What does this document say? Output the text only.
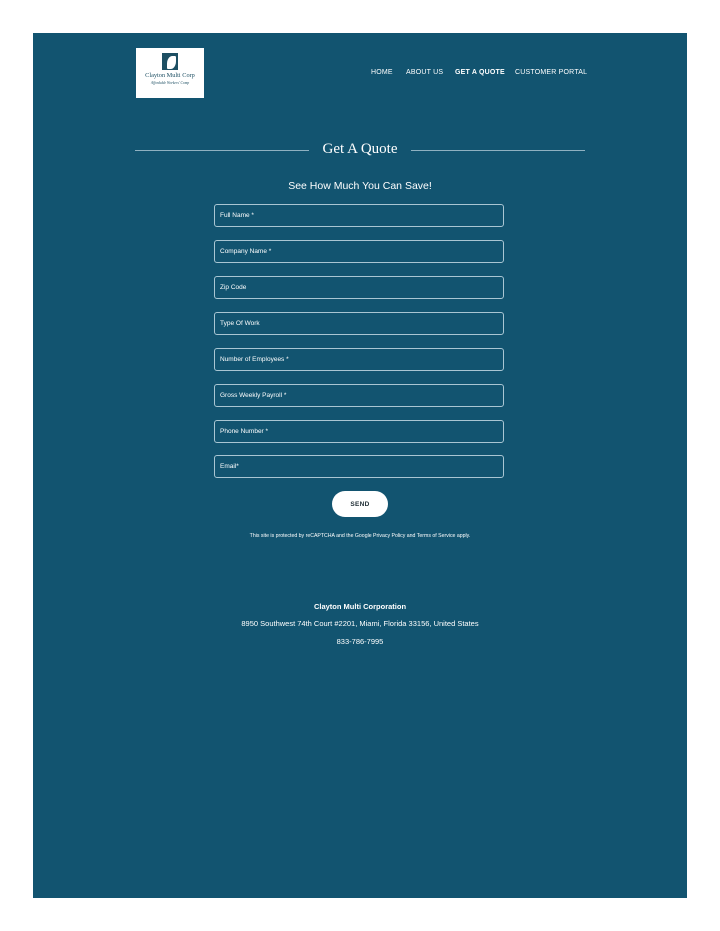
Clayton Multi Corp
Affordable Workers' Comp
HOME ABOUT US GET A QUOTE CUSTOMER PORTAL
Get A Quote
See How Much You Can Save!
Full Name *
Company Name *
Zip Code
Type Of Work
Number of Employees *
Gross Weekly Payroll *
Phone Number *
Email*
SEND
This site is protected by reCAPTCHA and the Google Privacy Policy and Terms of Service apply.
Clayton Multi Corporation
8950 Southwest 74th Court #2201, Miami, Florida 33156, United States
833-786-7995
